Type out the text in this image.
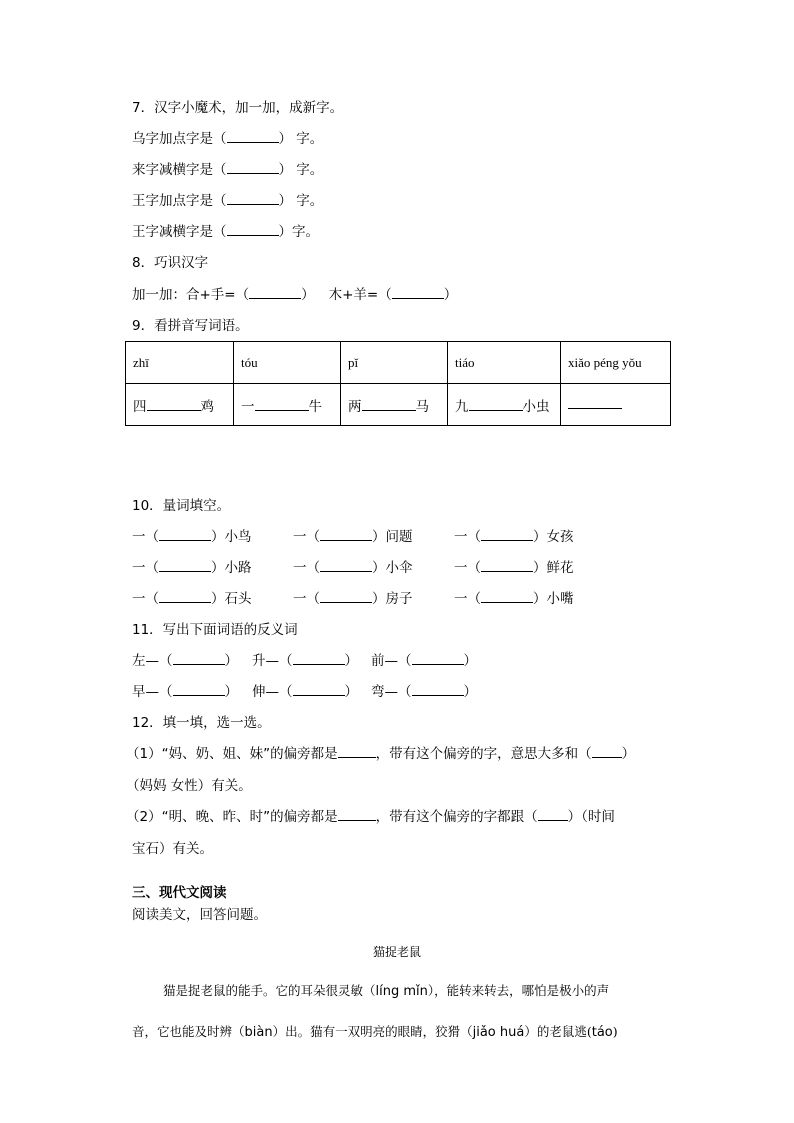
7．汉字小魔术，加一加，成新字。
乌字加点字是（	） 字。
来字减横字是（	） 字。
王字加点字是（	） 字。
王字减横字是（	）字。
8．巧识汉字
加一加：合+手=（	） 木+羊=（	）
9．看拼音写词语。
zhī	tóu	pǐ	tiáo	xiǎo péng yǒu
四 鸡	一 牛	两 马	九 小虫	
10．量词填空。
一（	）小鸟	一（	）问题	一（	）女孩
一（	）小路	一（	）小伞	一（	）鲜花
一（	）石头	一（	）房子	一（	）小嘴
11．写出下面词语的反义词
左—（	） 升—（	） 前—（	）
早—（	） 伸—（	） 弯—（	）
12．填一填，选一选。
（1）“妈、奶、姐、妹”的偏旁都是	，带有这个偏旁的字，意思大多和（ ）
（妈妈 女性）有关。
（2）“明、晚、昨、时”的偏旁都是	，带有这个偏旁的字都跟（ ）（时间
宝石）有关。
三、现代文阅读
阅读美文，回答问题。
猫捉老鼠
猫是捉老鼠的能手。它的耳朵很灵敏（líng mǐn），能转来转去，哪怕是极小的声
音，它也能及时辨（biàn）出。猫有一双明亮的眼睛，狡猾（jiǎo huá）的老鼠逃(táo)
